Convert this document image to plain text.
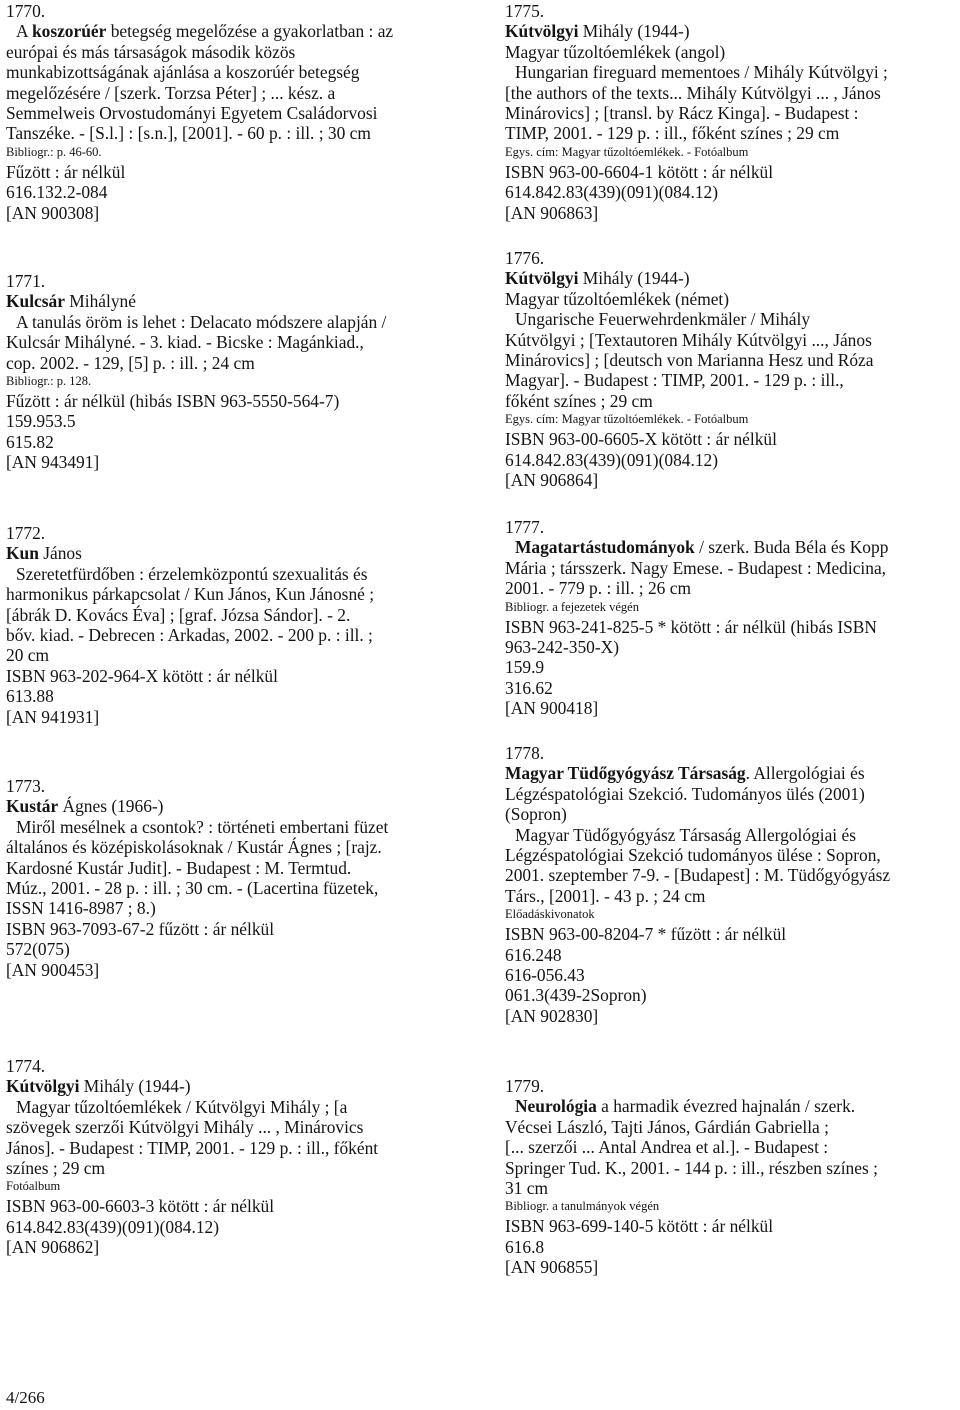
1770.
A koszorúér betegség megelőzése a gyakorlatban : az
európai és más társaságok második közös
munkabizottságának ajánlása a koszorúér betegség
megelőzésére / [szerk. Torzsa Péter] ; ... kész. a
Semmelweis Orvostudományi Egyetem Családorvosi
Tanszéke. - [S.l.] : [s.n.], [2001]. - 60 p. : ill. ; 30 cm
Bibliogr.: p. 46-60.
Fűzött : ár nélkül
616.132.2-084
[AN 900308]
1771.
Kulcsár Mihályné
A tanulás öröm is lehet : Delacato módszere alapján /
Kulcsár Mihályné. - 3. kiad. - Bicske : Magánkiad.,
cop. 2002. - 129, [5] p. : ill. ; 24 cm
Bibliogr.: p. 128.
Fűzött : ár nélkül (hibás ISBN 963-5550-564-7)
159.953.5
615.82
[AN 943491]
1772.
Kun János
Szeretetfürdőben : érzelemközpontú szexualitás és
harmonikus párkapcsolat / Kun János, Kun Jánosné ;
[ábrák D. Kovács Éva] ; [graf. Józsa Sándor]. - 2.
bőv. kiad. - Debrecen : Arkadas, 2002. - 200 p. : ill. ;
20 cm
ISBN 963-202-964-X kötött : ár nélkül
613.88
[AN 941931]
1773.
Kustár Ágnes (1966-)
Miről mesélnek a csontok? : történeti embertani füzet
általános és középiskolásoknak / Kustár Ágnes ; [rajz.
Kardosné Kustár Judit]. - Budapest : M. Termtud.
Múz., 2001. - 28 p. : ill. ; 30 cm. - (Lacertina füzetek,
ISSN 1416-8987 ; 8.)
ISBN 963-7093-67-2 fűzött : ár nélkül
572(075)
[AN 900453]
1774.
Kútvölgyi Mihály (1944-)
Magyar tűzoltóemlékek / Kútvölgyi Mihály ; [a
szövegek szerzői Kútvölgyi Mihály ... , Minárovics
János]. - Budapest : TIMP, 2001. - 129 p. : ill., főként
színes ; 29 cm
Fotóalbum
ISBN 963-00-6603-3 kötött : ár nélkül
614.842.83(439)(091)(084.12)
[AN 906862]
1775.
Kútvölgyi Mihály (1944-)
Magyar tűzoltóemlékek (angol)
Hungarian fireguard mementoes / Mihály Kútvölgyi ;
[the authors of the texts... Mihály Kútvölgyi ... , János
Minárovics] ; [transl. by Rácz Kinga]. - Budapest :
TIMP, 2001. - 129 p. : ill., főként színes ; 29 cm
Egys. cím: Magyar tűzoltóemlékek. - Fotóalbum
ISBN 963-00-6604-1 kötött : ár nélkül
614.842.83(439)(091)(084.12)
[AN 906863]
1776.
Kútvölgyi Mihály (1944-)
Magyar tűzoltóemlékek (német)
Ungarische Feuerwehrdenkmäler / Mihály
Kútvölgyi ; [Textautoren Mihály Kútvölgyi ..., János
Minárovics] ; [deutsch von Marianna Hesz und Róza
Magyar]. - Budapest : TIMP, 2001. - 129 p. : ill.,
főként színes ; 29 cm
Egys. cím: Magyar tűzoltóemlékek. - Fotóalbum
ISBN 963-00-6605-X kötött : ár nélkül
614.842.83(439)(091)(084.12)
[AN 906864]
1777.
Magatartástudományok / szerk. Buda Béla és Kopp
Mária ; társszerk. Nagy Emese. - Budapest : Medicina,
2001. - 779 p. : ill. ; 26 cm
Bibliogr. a fejezetek végén
ISBN 963-241-825-5 * kötött : ár nélkül (hibás ISBN
963-242-350-X)
159.9
316.62
[AN 900418]
1778.
Magyar Tüdőgyógyász Társaság. Allergológiai és
Légzéspatológiai Szekció. Tudományos ülés (2001)
(Sopron)
Magyar Tüdőgyógyász Társaság Allergológiai és
Légzéspatológiai Szekció tudományos ülése : Sopron,
2001. szeptember 7-9. - [Budapest] : M. Tüdőgyógyász
Társ., [2001]. - 43 p. ; 24 cm
Előadáskivonatok
ISBN 963-00-8204-7 * fűzött : ár nélkül
616.248
616-056.43
061.3(439-2Sopron)
[AN 902830]
1779.
Neurológia a harmadik évezred hajnalán / szerk.
Vécsei László, Tajti János, Gárdián Gabriella ;
[... szerzői ... Antal Andrea et al.]. - Budapest :
Springer Tud. K., 2001. - 144 p. : ill., részben színes ;
31 cm
Bibliogr. a tanulmányok végén
ISBN 963-699-140-5 kötött : ár nélkül
616.8
[AN 906855]
4/266
